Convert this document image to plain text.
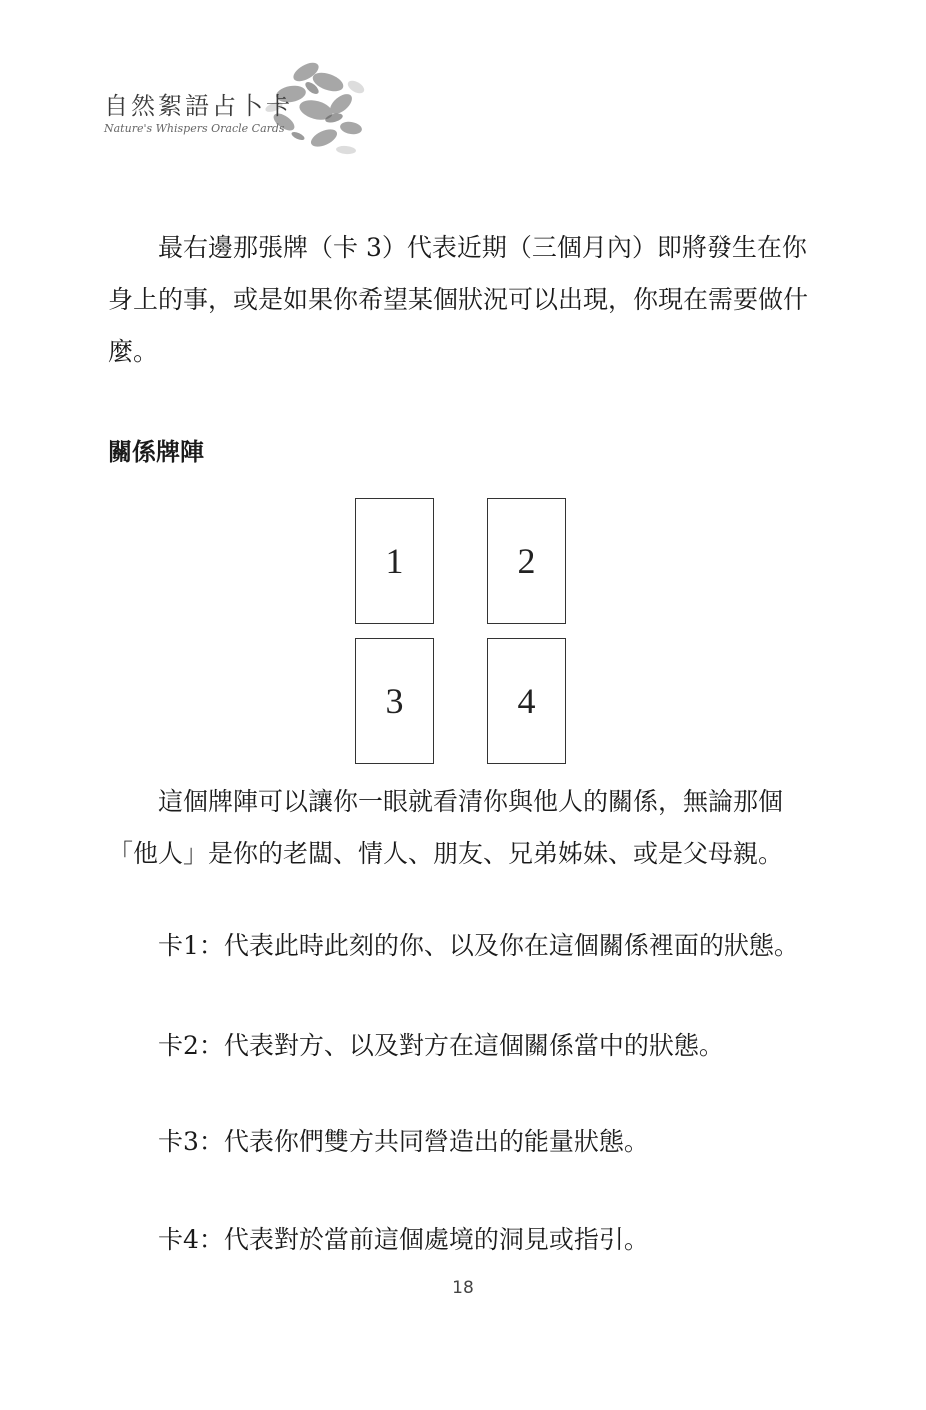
自然絮語占卜卡
Nature's Whispers Oracle Cards

最右邊那張牌（卡 3）代表近期（三個月內）即將發生在你身上的事，或是如果你希望某個狀況可以出現，你現在需要做什麼。

關係牌陣
1	2
3	4

這個牌陣可以讓你一眼就看清你與他人的關係，無論那個「他人」是你的老闆、情人、朋友、兄弟姊妹、或是父母親。

卡1：代表此時此刻的你、以及你在這個關係裡面的狀態。

卡2：代表對方、以及對方在這個關係當中的狀態。

卡3：代表你們雙方共同營造出的能量狀態。

卡4：代表對於當前這個處境的洞見或指引。

18
